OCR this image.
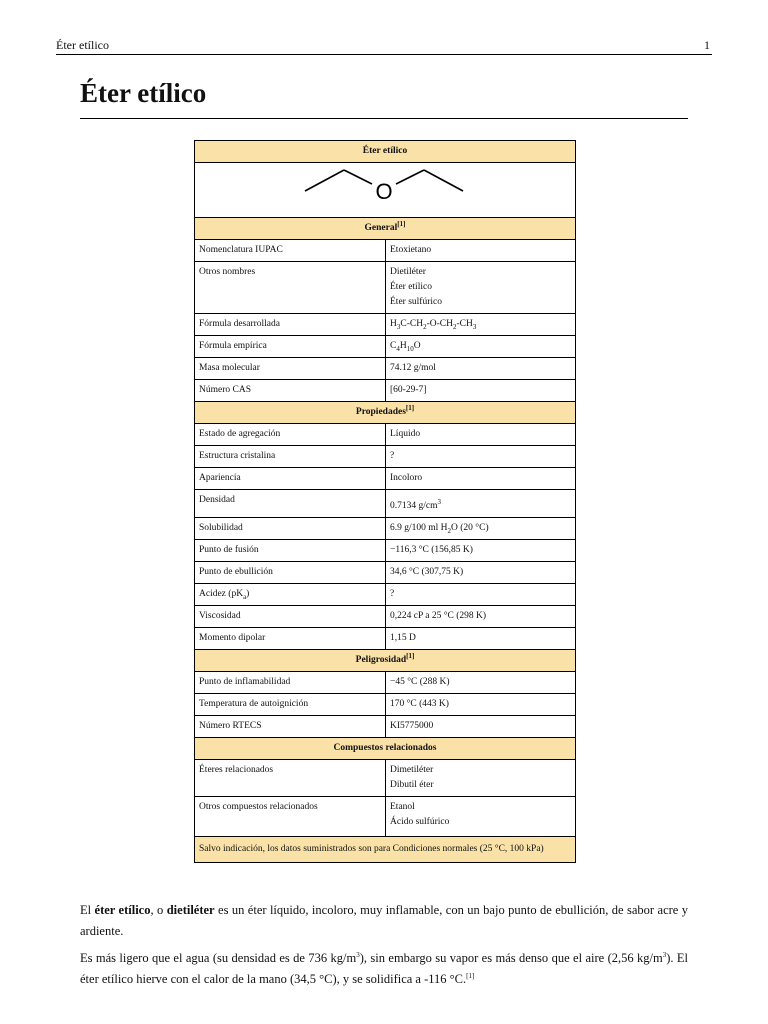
Éter etílico	1
Éter etílico
Éter etílico	

O	

General[1]
Nomenclatura IUPAC	Etoxietano
Otros nombres	Dietiléter
Éter etílico
Éter sulfúrico

Fórmula desarrollada	$H_3C-CH_2-O-CH_2-CH_3$
Fórmula empírica	$C_4H_{10}O$
Masa molecular	74.12 g/mol
Número CAS	[60-29-7]
Propiedades[1]
Estado de agregación	Líquido
Estructura cristalina	?
Apariencia	Incoloro
Densidad	0.7134 $g/cm^3$
Solubilidad	6.9 g/100 ml $H_2O$ (20 °C)
Punto de fusión	−116,3 °C (156,85 K)
Punto de ebullición	34,6 °C (307,75 K)
Acidez $(pK_a)$	?
Viscosidad	0,224 cP a 25 °C (298 K)
Momento dipolar	1,15 D
Peligrosidad[1]
Punto de inflamabilidad	−45 °C (288 K)
Temperatura de autoignición	170 °C (443 K)
Número RTECS	KI5775000
Compuestos relacionados	
Éteres relacionados	Dimetiléter
Dibutil éter

Otros compuestos relacionados	Etanol
Ácido sulfúrico

Salvo indicación, los datos suministrados son para Condiciones normales (25 °C, 100 kPa)	

El éter etílico, o dietiléter es un éter líquido, incoloro, muy inflamable, con un bajo punto de ebullición, de sabor acre y ardiente.

Es más ligero que el agua (su densidad es de 736 $kg/m^3$), sin embargo su vapor es más denso que el aire (2,56 $kg/m^3$). El éter etílico hierve con el calor de la mano (34,5 °C), y se solidifica a -116 °C.[1]
